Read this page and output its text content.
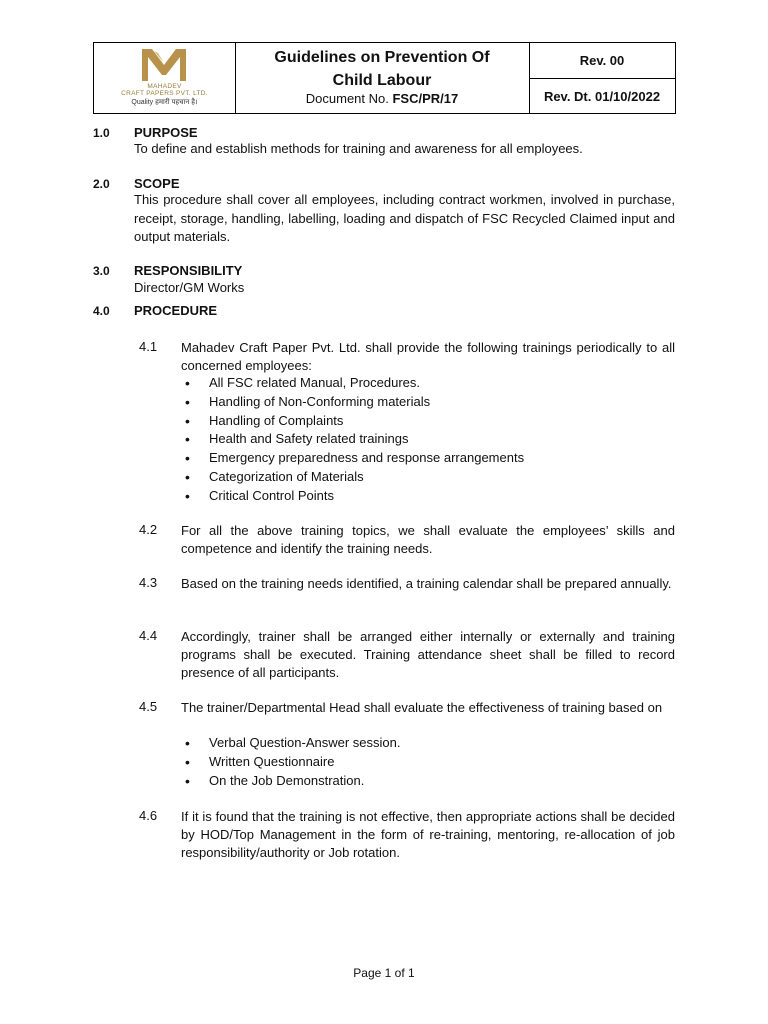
MAHADEV
CRAFT PAPERS PVT. LTD.
Quality हमारी पहचान है।
Guidelines on Prevention Of
Child Labour
Document No. FSC/PR/17
Rev. 00
Rev. Dt. 01/10/2022
1.0 PURPOSE
To define and establish methods for training and awareness for all employees.
2.0 SCOPE
This procedure shall cover all employees, including contract workmen, involved in purchase, receipt, storage, handling, labelling, loading and dispatch of FSC Recycled Claimed input and output materials.
3.0 RESPONSIBILITY
Director/GM Works
4.0 PROCEDURE
4.1 Mahadev Craft Paper Pvt. Ltd. shall provide the following trainings periodically to all concerned employees:
• All FSC related Manual, Procedures.
• Handling of Non-Conforming materials
• Handling of Complaints
• Health and Safety related trainings
• Emergency preparedness and response arrangements
• Categorization of Materials
• Critical Control Points
4.2 For all the above training topics, we shall evaluate the employees’ skills and competence and identify the training needs.
4.3 Based on the training needs identified, a training calendar shall be prepared annually.
4.4 Accordingly, trainer shall be arranged either internally or externally and training programs shall be executed. Training attendance sheet shall be filled to record presence of all participants.
4.5 The trainer/Departmental Head shall evaluate the effectiveness of training based on
• Verbal Question-Answer session.
• Written Questionnaire
• On the Job Demonstration.
4.6 If it is found that the training is not effective, then appropriate actions shall be decided by HOD/Top Management in the form of re-training, mentoring, re-allocation of job responsibility/authority or Job rotation.
Page 1 of 1
